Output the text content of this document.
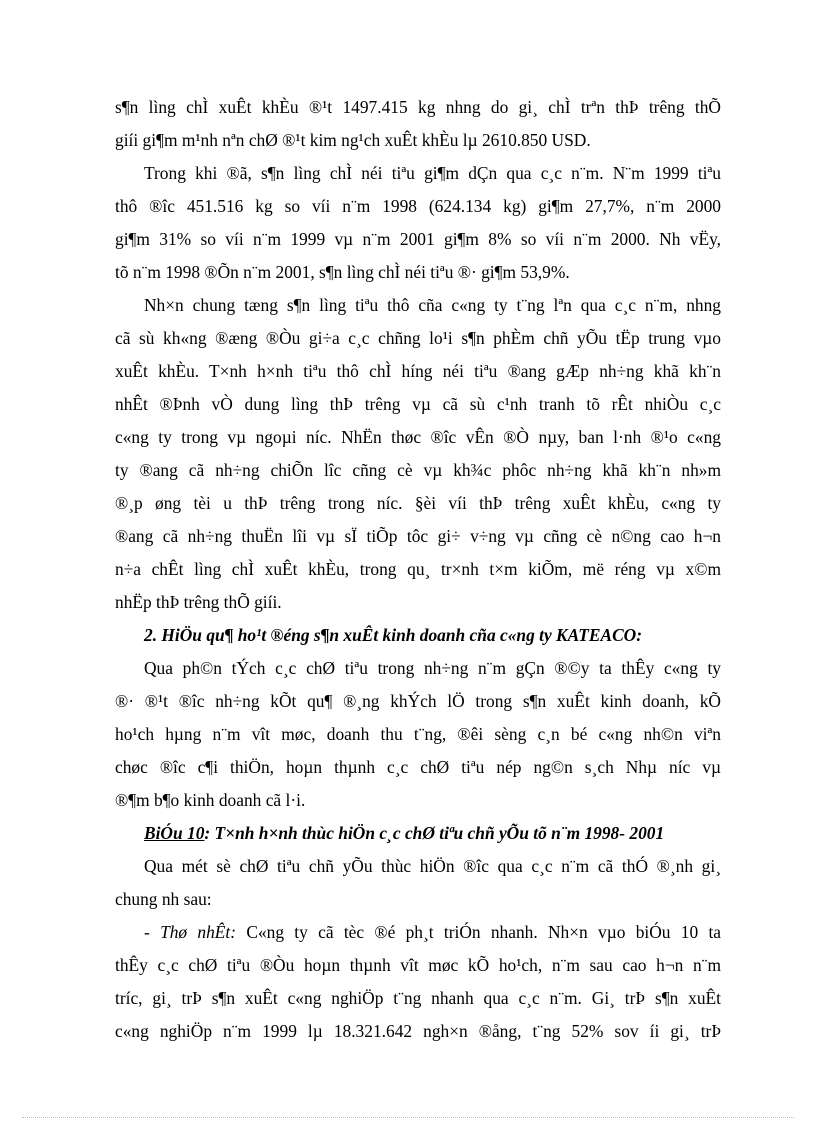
s¶n lìng chÌ xuÊt khÈu ®¹t 1497.415 kg nhng do gi¸ chÌ trªn thÞ trêng thÕ
giíi gi¶m m¹nh nªn chØ ®¹t kim ng¹ch xuÊt khÈu lµ 2610.850 USD.
Trong khi ®ã, s¶n lìng chÌ néi tiªu gi¶m dÇn qua c¸c n¨m. N¨m 1999 tiªu
thô ®îc 451.516 kg so víi n¨m 1998 (624.134 kg) gi¶m 27,7%, n¨m 2000
gi¶m 31% so víi n¨m 1999 vµ n¨m 2001 gi¶m 8% so víi n¨m 2000. Nh vËy,
tõ n¨m 1998 ®Õn n¨m 2001, s¶n lìng chÌ néi tiªu ®· gi¶m 53,9%.
Nh×n chung tæng s¶n lìng tiªu thô cña c«ng ty t¨ng lªn qua c¸c n¨m, nhng
cã sù kh«ng ®æng ®Òu gi÷a c¸c chñng lo¹i s¶n phÈm chñ yÕu tËp trung vµo
xuÊt khÈu. T×nh h×nh tiªu thô chÌ híng néi tiªu ®ang gÆp nh÷ng khã kh¨n
nhÊt ®Þnh vÒ dung lìng thÞ trêng vµ cã sù c¹nh tranh tõ rÊt nhiÒu c¸c
c«ng ty trong vµ ngoµi níc. NhËn thøc ®îc vÊn ®Ò nµy, ban l·nh ®¹o c«ng
ty ®ang cã nh÷ng chiÕn lîc cñng cè vµ kh¾c phôc nh÷ng khã kh¨n nh»m
®¸p øng tèi u thÞ trêng trong níc. §èi víi thÞ trêng xuÊt khÈu, c«ng ty
®ang cã nh÷ng thuËn lîi vµ sÏ tiÕp tôc gi÷ v÷ng vµ cñng cè n©ng cao h¬n
n÷a chÊt lìng chÌ xuÊt khÈu, trong qu¸ tr×nh t×m kiÕm, më réng vµ x©m
nhËp thÞ trêng thÕ giíi.
2. HiÖu qu¶ ho¹t ®éng s¶n xuÊt kinh doanh cña c«ng ty KATEACO:
Qua ph©n tÝch c¸c chØ tiªu trong nh÷ng n¨m gÇn ®©y ta thÊy c«ng ty
®· ®¹t ®îc nh÷ng kÕt qu¶ ®¸ng khÝch lÖ trong s¶n xuÊt kinh doanh, kÕ
ho¹ch hµng n¨m vît møc, doanh thu t¨ng, ®êi sèng c¸n bé c«ng nh©n viªn
chøc ®îc c¶i thiÖn, hoµn thµnh c¸c chØ tiªu nép ng©n s¸ch Nhµ níc vµ
®¶m b¶o kinh doanh cã l·i.
BiÓu 10: T×nh h×nh thùc hiÖn c¸c chØ tiªu chñ yÕu tõ n¨m 1998- 2001
Qua mét sè chØ tiªu chñ yÕu thùc hiÖn ®îc qua c¸c n¨m cã thÓ ®¸nh gi¸
chung nh sau:
- Thø nhÊt: C«ng ty cã tèc ®é ph¸t triÓn nhanh. Nh×n vµo biÓu 10 ta
thÊy c¸c chØ tiªu ®Òu hoµn thµnh vît møc kÕ ho¹ch, n¨m sau cao h¬n n¨m
tríc, gi¸ trÞ s¶n xuÊt c«ng nghiÖp t¨ng nhanh qua c¸c n¨m. Gi¸ trÞ s¶n xuÊt
c«ng nghiÖp n¨m 1999 lµ 18.321.642 ngh×n ®ång, t¨ng 52% sov íi gi¸ trÞ
